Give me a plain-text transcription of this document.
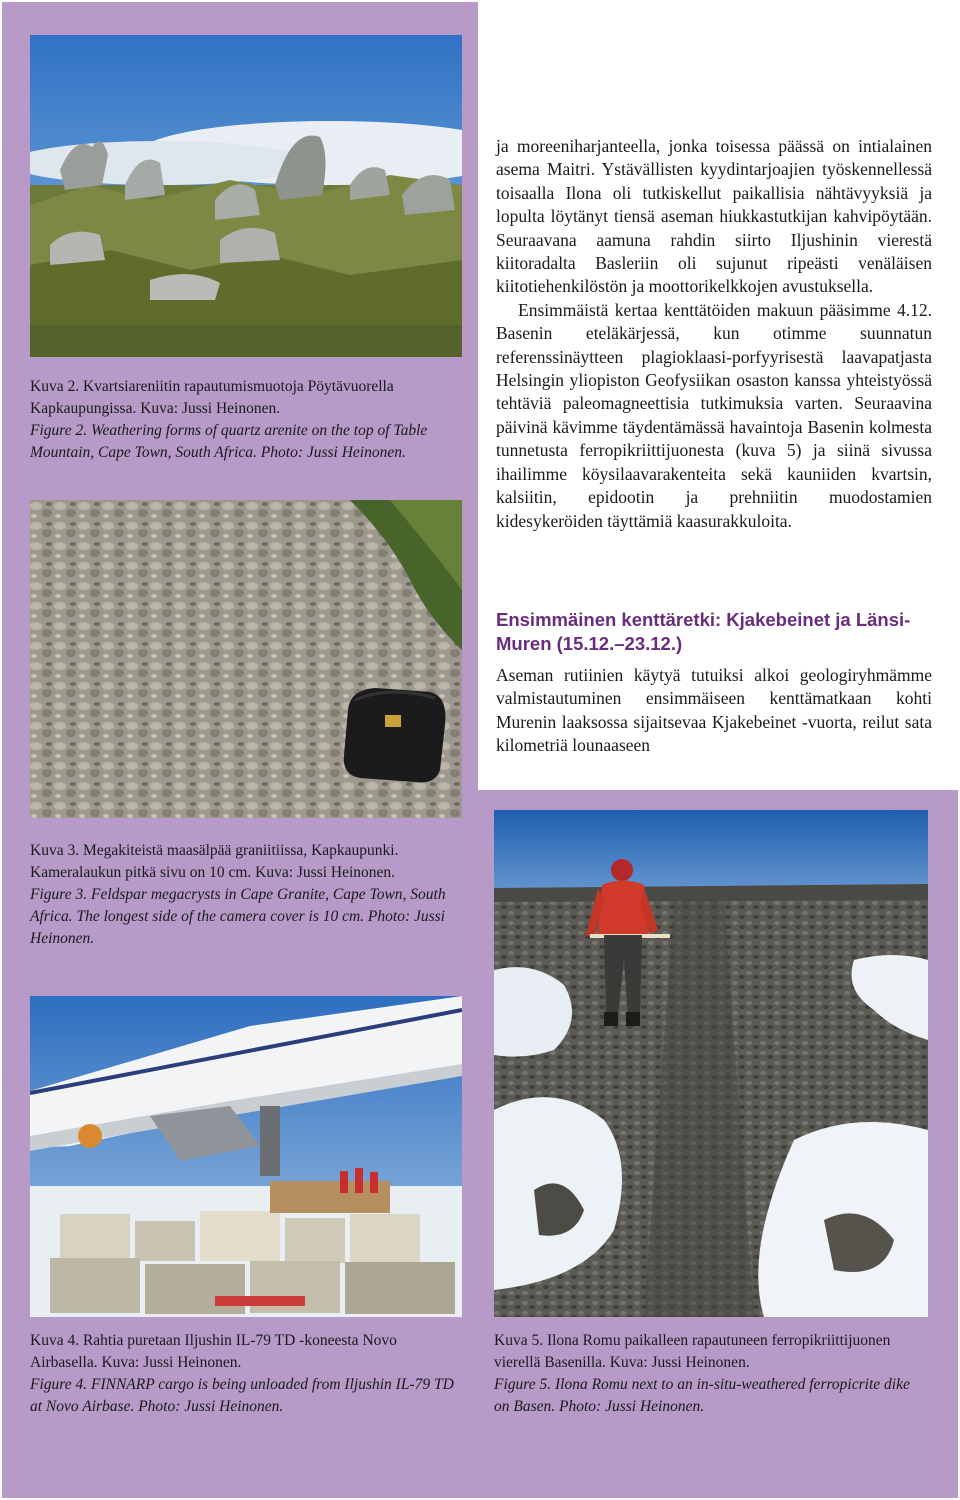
Kuva 2. Kvartsiareniitin rapautumismuotoja Pöytävuorella Kapkaupungissa. Kuva: Jussi Heinonen.
Figure 2. Weathering forms of quartz arenite on the top of Table Mountain, Cape Town, South Africa. Photo: Jussi Heinonen.

ja moreeniharjanteella, jonka toisessa päässä on intialainen asema Maitri. Ystävällisten kyydintarjoajien työskennellessä toisaalla Ilona oli tutkiskellut paikallisia nähtävyyksiä ja lopulta löytänyt tiensä aseman hiukkastutkijan kahvipöytään. Seuraavana aamuna rahdin siirto Iljushinin vierestä kiitoradalta Basleriin oli sujunut ripeästi venäläisen kiitotiehenkilöstön ja moottorikelkkojen avustuksella.

Ensimmäistä kertaa kenttätöiden makuun pääsimme 4.12. Basenin eteläkärjessä, kun otimme suunnatun referenssinäytteen plagioklaasi-porfyyrisestä laavapatjasta Helsingin yliopiston Geofysiikan osaston kanssa yhteistyössä tehtäviä paleomagneettisia tutkimuksia varten. Seuraavina päivinä kävimme täydentämässä havaintoja Basenin kolmesta tunnetusta ferropikriittijuonesta (kuva 5) ja siinä sivussa ihailimme köysilaavarakenteita sekä kauniiden kvartsin, kalsiitin, epidootin ja prehniitin muodostamien kidesykeröiden täyttämiä kaasurakkuloita.

Ensimmäinen kenttäretki: Kjakebeinet ja Länsi-Muren (15.12.–23.12.)

Aseman rutiinien käytyä tutuiksi alkoi geologiryhmämme valmistautuminen ensimmäiseen kenttämatkaan kohti Murenin laaksossa sijaitsevaa Kjakebeinet -vuorta, reilut sata kilometriä lounaaseen

Kuva 3. Megakiteistä maasälpää graniitiissa, Kapkaupunki. Kameralaukun pitkä sivu on 10 cm. Kuva: Jussi Heinonen.
Figure 3. Feldspar megacrysts in Cape Granite, Cape Town, South Africa. The longest side of the camera cover is 10 cm. Photo: Jussi Heinonen.
Kuva 4. Rahtia puretaan Iljushin IL-79 TD -koneesta Novo Airbasella. Kuva: Jussi Heinonen.
Figure 4. FINNARP cargo is being unloaded from Iljushin IL-79 TD at Novo Airbase. Photo: Jussi Heinonen.
Kuva 5. Ilona Romu paikalleen rapautuneen ferropikriittijuonen vierellä Basenilla. Kuva: Jussi Heinonen.
Figure 5. Ilona Romu next to an in-situ-weathered ferropicrite dike on Basen. Photo: Jussi Heinonen.
